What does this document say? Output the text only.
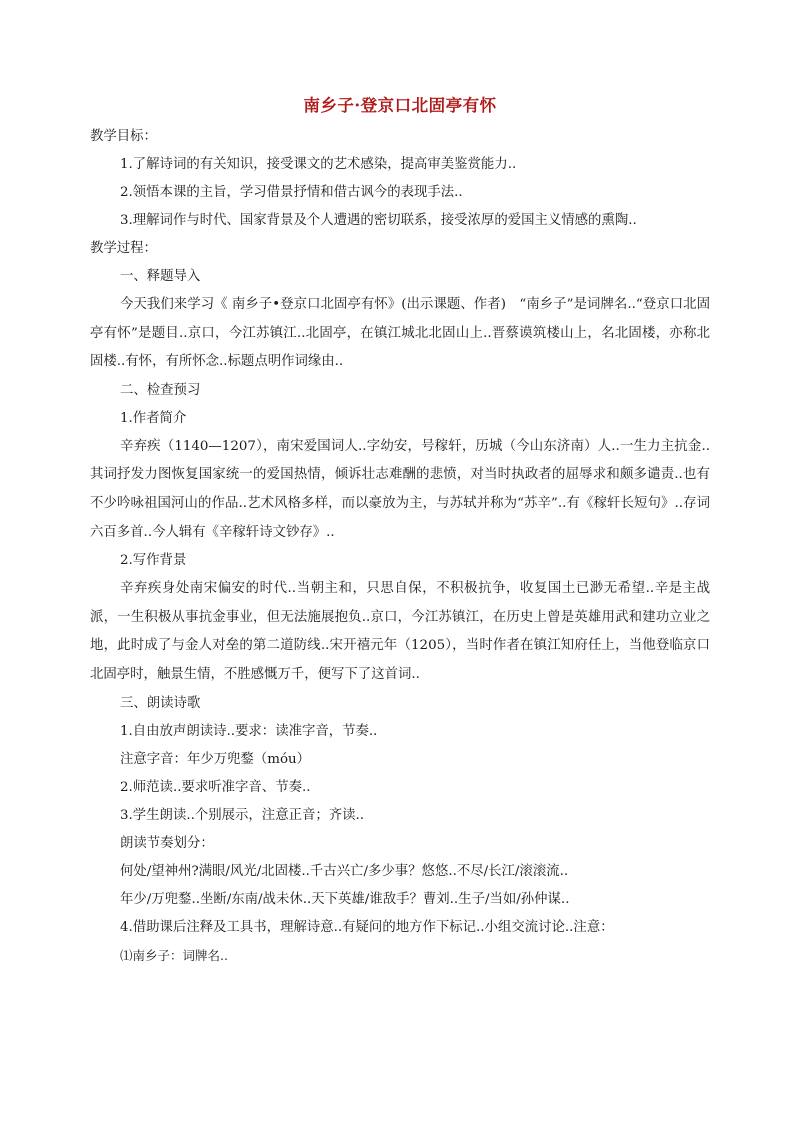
南乡子·登京口北固亭有怀

教学目标：

1.了解诗词的有关知识，接受课文的艺术感染，提高审美鉴赏能力..

2.领悟本课的主旨，学习借景抒情和借古讽今的表现手法..

3.理解词作与时代、国家背景及个人遭遇的密切联系，接受浓厚的爱国主义情感的熏陶..

教学过程：

一、释题导入

今天我们来学习《 南乡子•登京口北固亭有怀》(出示课题、作者)　“南乡子”是词牌名..“登京口北固亭有怀”是题目..京口，今江苏镇江..北固亭，在镇江城北北固山上..晋蔡谟筑楼山上，名北固楼，亦称北固楼..有怀，有所怀念..标题点明作词缘由..

二、检查预习

1.作者简介

辛弃疾（1140—1207），南宋爱国词人..字幼安，号稼轩，历城（今山东济南）人..一生力主抗金..其词抒发力图恢复国家统一的爱国热情，倾诉壮志难酬的悲愤，对当时执政者的屈辱求和颇多谴责..也有不少吟咏祖国河山的作品..艺术风格多样，而以豪放为主，与苏轼并称为“苏辛”..有《稼轩长短句》..存词六百多首..今人辑有《辛稼轩诗文钞存》..

2.写作背景

辛弃疾身处南宋偏安的时代..当朝主和，只思自保，不积极抗争，收复国土已渺无希望..辛是主战派，一生积极从事抗金事业，但无法施展抱负..京口，今江苏镇江，在历史上曾是英雄用武和建功立业之地，此时成了与金人对垒的第二道防线..宋开禧元年（1205），当时作者在镇江知府任上，当他登临京口北固亭时，触景生情，不胜感慨万千，便写下了这首词..

三、朗读诗歌

1.自由放声朗读诗..要求：读准字音，节奏..

注意字音：年少万兜鍪（móu）

2.师范读..要求听准字音、节奏..

3.学生朗读..个别展示，注意正音；齐读..

朗读节奏划分：

何处/望神州?满眼/风光/北固楼..千古兴亡/多少事？悠悠..不尽/长江/滚滚流..

年少/万兜鍪..坐断/东南/战未休..天下英雄/谁敌手？曹刘..生子/当如/孙仲谋..

4.借助课后注释及工具书，理解诗意..有疑问的地方作下标记..小组交流讨论..注意：

⑴南乡子：词牌名..
